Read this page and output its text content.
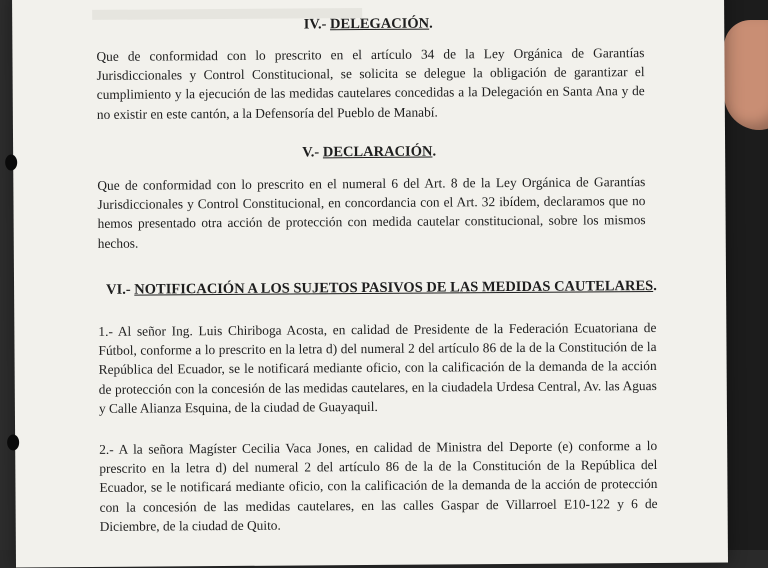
IV.- DELEGACIÓN.

Que de conformidad con lo prescrito en el artículo 34 de la Ley Orgánica de Garantías Jurisdiccionales y Control Constitucional, se solicita se delegue la obligación de garantizar el cumplimiento y la ejecución de las medidas cautelares concedidas a la Delegación en Santa Ana y de no existir en este cantón, a la Defensoría del Pueblo de Manabí.

V.- DECLARACIÓN.

Que de conformidad con lo prescrito en el numeral 6 del Art. 8 de la Ley Orgánica de Garantías Jurisdiccionales y Control Constitucional, en concordancia con el Art. 32 ibídem, declaramos que no hemos presentado otra acción de protección con medida cautelar constitucional, sobre los mismos hechos.

VI.- NOTIFICACIÓN A LOS SUJETOS PASIVOS DE LAS MEDIDAS CAUTELARES.

1.- Al señor Ing. Luis Chiriboga Acosta, en calidad de Presidente de la Federación Ecuatoriana de Fútbol, conforme a lo prescrito en la letra d) del numeral 2 del artículo 86 de la de la Constitución de la República del Ecuador, se le notificará mediante oficio, con la calificación de la demanda de la acción de protección con la concesión de las medidas cautelares, en la ciudadela Urdesa Central, Av. las Aguas y Calle Alianza Esquina, de la ciudad de Guayaquil.

2.- A la señora Magíster Cecilia Vaca Jones, en calidad de Ministra del Deporte (e) conforme a lo prescrito en la letra d) del numeral 2 del artículo 86 de la de la Constitución de la República del Ecuador, se le notificará mediante oficio, con la calificación de la demanda de la acción de protección con la concesión de las medidas cautelares, en las calles Gaspar de Villarroel E10-122 y 6 de Diciembre, de la ciudad de Quito.
